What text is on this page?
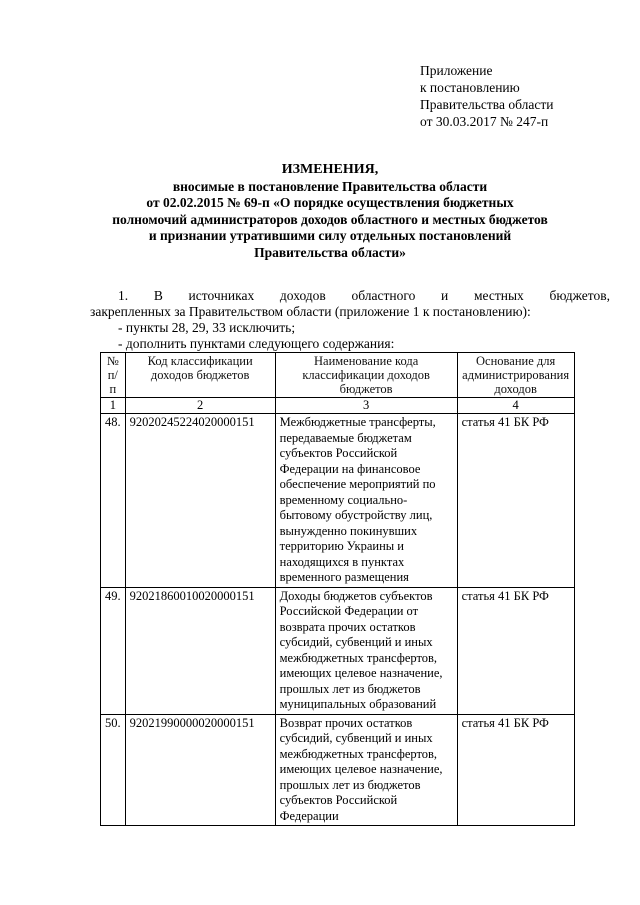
Приложение
к постановлению
Правительства области
от 30.03.2017 № 247-п
ИЗМЕНЕНИЯ,
вносимые в постановление Правительства области
от 02.02.2015 № 69-п «О порядке осуществления бюджетных
полномочий администраторов доходов областного и местных бюджетов
и признании утратившими силу отдельных постановлений
Правительства области»
1. В источниках доходов областного и местных бюджетов,
закрепленных за Правительством области (приложение 1 к постановлению):
- пункты 28, 29, 33 исключить;
- дополнить пунктами следующего содержания:
№ п/п	Код классификации доходов бюджетов	Наименование кода классификации доходов бюджетов	Основание для администрирования доходов
1	2	3	4
48.	92020245224020000151	Межбюджетные трансферты, передаваемые бюджетам субъектов Российской Федерации на финансовое обеспечение мероприятий по временному социально-бытовому обустройству лиц, вынужденно покинувших территорию Украины и находящихся в пунктах временного размещения	статья 41 БК РФ
49.	92021860010020000151	Доходы бюджетов субъектов Российской Федерации от возврата прочих остатков субсидий, субвенций и иных межбюджетных трансфертов, имеющих целевое назначение, прошлых лет из бюджетов муниципальных образований	статья 41 БК РФ
50.	92021990000020000151	Возврат прочих остатков субсидий, субвенций и иных межбюджетных трансфертов, имеющих целевое назначение, прошлых лет из бюджетов субъектов Российской Федерации	статья 41 БК РФ
